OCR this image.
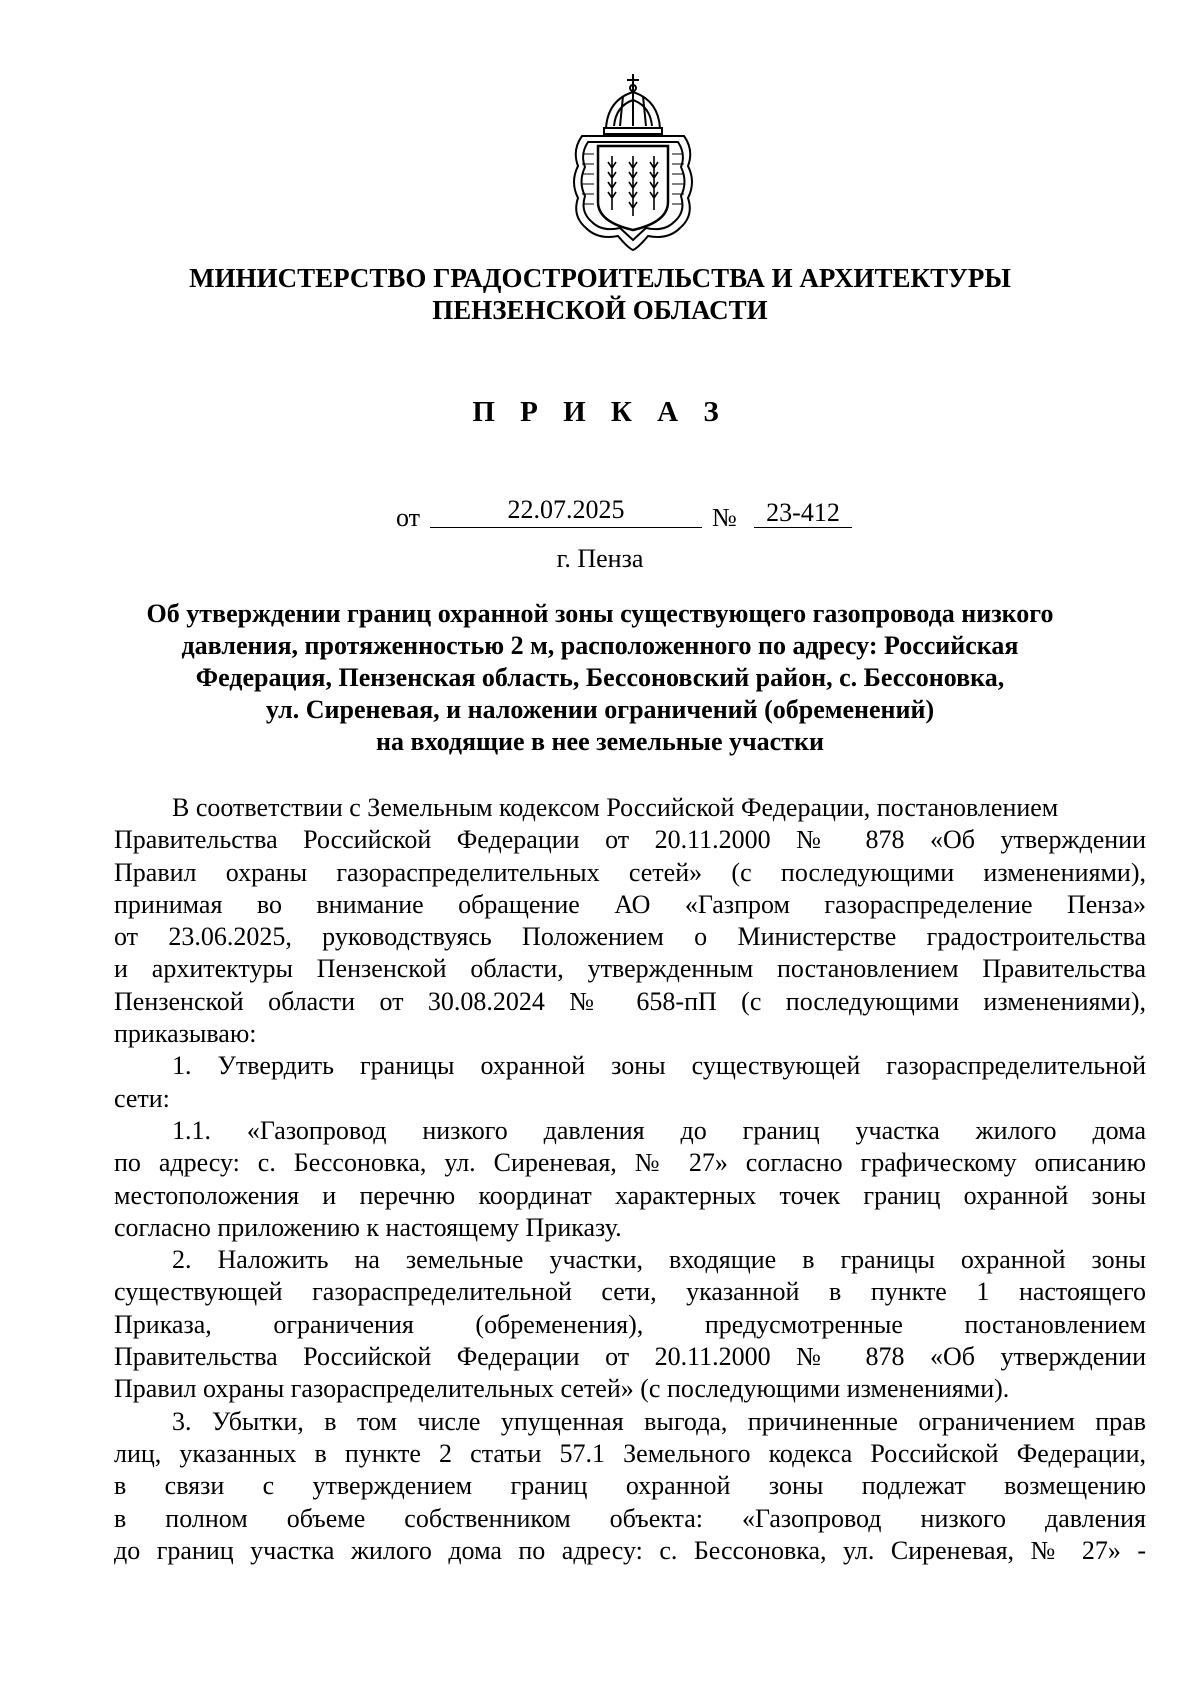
МИНИСТЕРСТВО ГРАДОСТРОИТЕЛЬСТВА И АРХИТЕКТУРЫ
ПЕНЗЕНСКОЙ ОБЛАСТИ
П Р И К А З
от	22.07.2025	№	23-412

г. Пенза

Об утверждении границ охранной зоны существующего газопровода низкого
давления, протяженностью 2 м, расположенного по адресу: Российская
Федерация, Пензенская область, Бессоновский район, с. Бессоновка,
ул. Сиреневая, и наложении ограничений (обременений)
на входящие в нее земельные участки
В соответствии с Земельным кодексом Российской Федерации, постановлением
Правительства Российской Федерации от 20.11.2000 № 878 «Об утверждении
Правил охраны газораспределительных сетей» (с последующими изменениями),
принимая во внимание обращение АО «Газпром газораспределение Пенза»
от 23.06.2025, руководствуясь Положением о Министерстве градостроительства
и архитектуры Пензенской области, утвержденным постановлением Правительства
Пензенской области от 30.08.2024 № 658-пП (с последующими изменениями),
приказываю:
1. Утвердить границы охранной зоны существующей газораспределительной
сети:
1.1. «Газопровод низкого давления до границ участка жилого дома
по адресу: с. Бессоновка, ул. Сиреневая, № 27» согласно графическому описанию
местоположения и перечню координат характерных точек границ охранной зоны
согласно приложению к настоящему Приказу.
2. Наложить на земельные участки, входящие в границы охранной зоны
существующей газораспределительной сети, указанной в пункте 1 настоящего
Приказа, ограничения (обременения), предусмотренные постановлением
Правительства Российской Федерации от 20.11.2000 № 878 «Об утверждении
Правил охраны газораспределительных сетей» (с последующими изменениями).
3. Убытки, в том числе упущенная выгода, причиненные ограничением прав
лиц, указанных в пункте 2 статьи 57.1 Земельного кодекса Российской Федерации,
в связи с утверждением границ охранной зоны подлежат возмещению
в полном объеме собственником объекта: «Газопровод низкого давления
до границ участка жилого дома по адресу: с. Бессоновка, ул. Сиреневая, № 27» -
